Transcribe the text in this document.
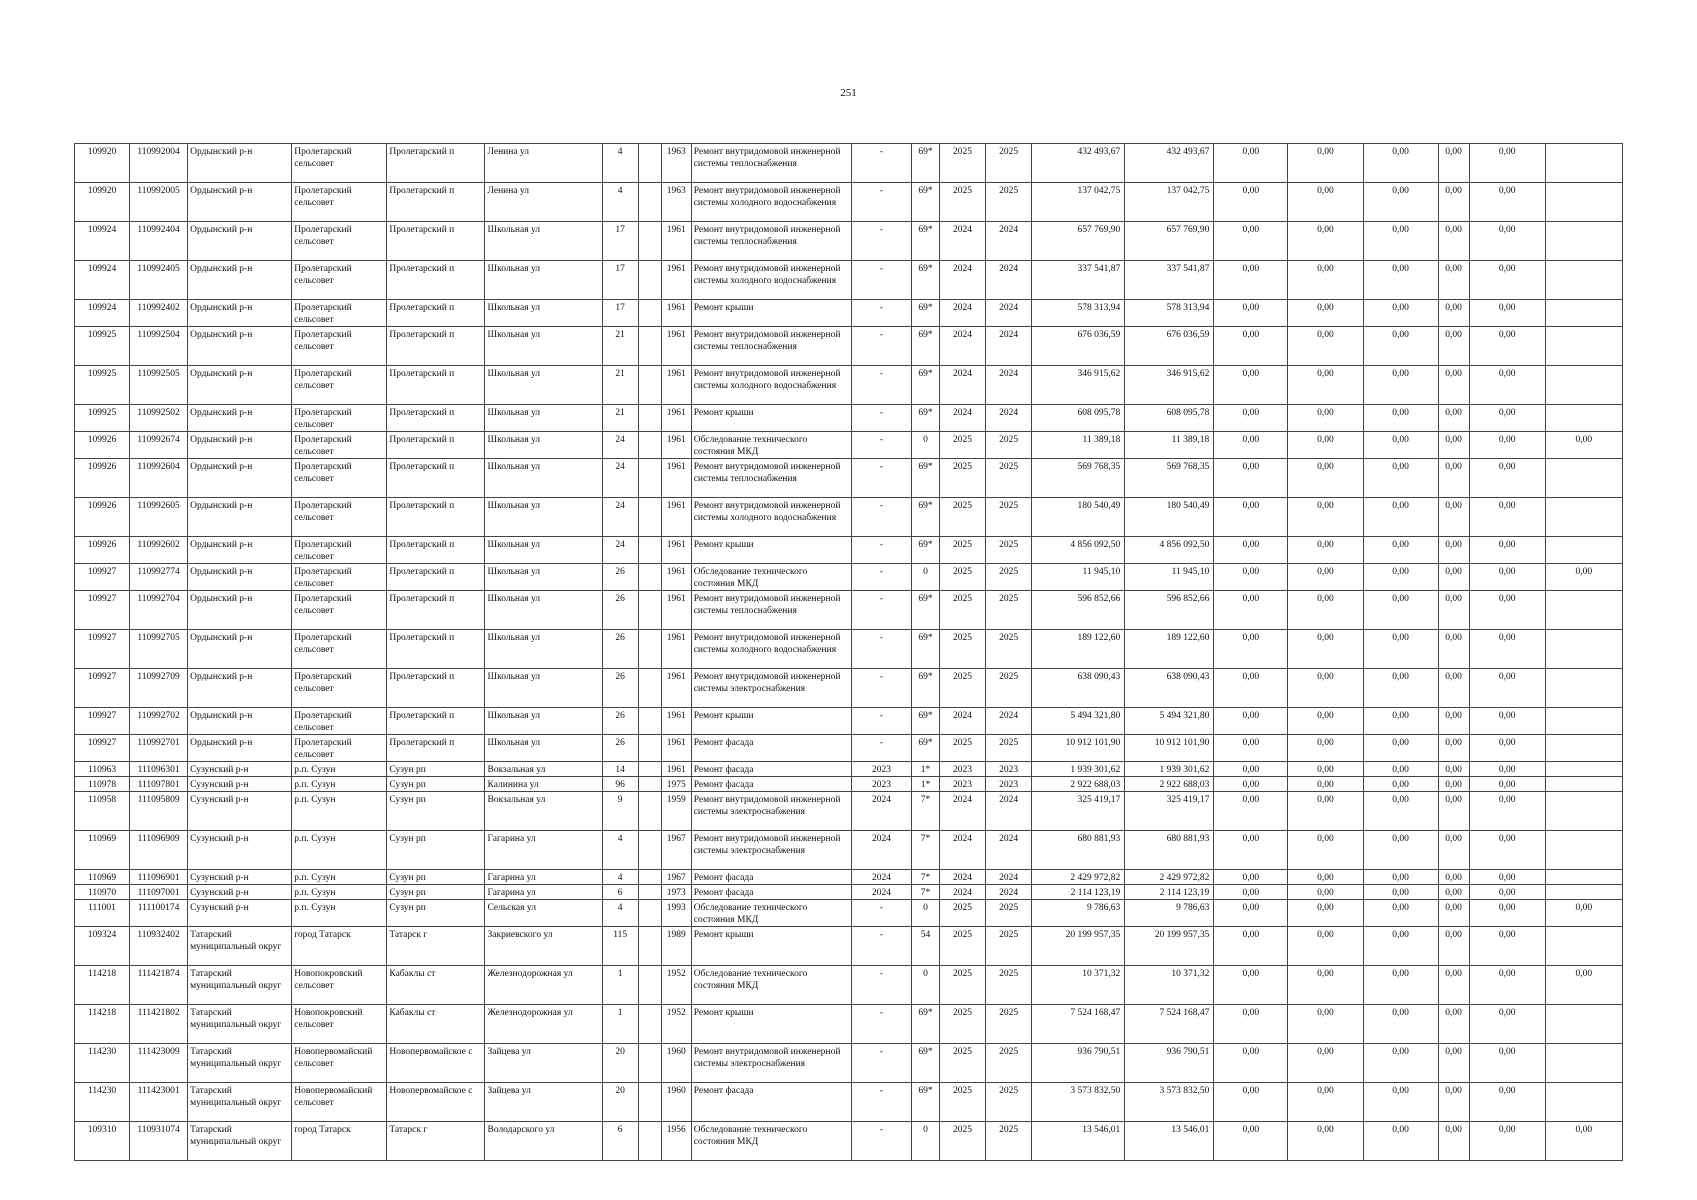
251
109920	110992004	Ордынский р-н	Пролетарский сельсовет	Пролетарский п	Ленина ул	4		1963	Ремонт внутридомовой инженерной системы теплоснабжения	-	69*	2025	2025	432 493,67	432 493,67	0,00	0,00	0,00	0,00	0,00	
109920	110992005	Ордынский р-н	Пролетарский сельсовет	Пролетарский п	Ленина ул	4		1963	Ремонт внутридомовой инженерной системы холодного водоснабжения	-	69*	2025	2025	137 042,75	137 042,75	0,00	0,00	0,00	0,00	0,00	
109924	110992404	Ордынский р-н	Пролетарский сельсовет	Пролетарский п	Школьная ул	17		1961	Ремонт внутридомовой инженерной системы теплоснабжения	-	69*	2024	2024	657 769,90	657 769,90	0,00	0,00	0,00	0,00	0,00	
109924	110992405	Ордынский р-н	Пролетарский сельсовет	Пролетарский п	Школьная ул	17		1961	Ремонт внутридомовой инженерной системы холодного водоснабжения	-	69*	2024	2024	337 541,87	337 541,87	0,00	0,00	0,00	0,00	0,00	
109924	110992402	Ордынский р-н	Пролетарский сельсовет	Пролетарский п	Школьная ул	17		1961	Ремонт крыши	-	69*	2024	2024	578 313,94	578 313,94	0,00	0,00	0,00	0,00	0,00	
109925	110992504	Ордынский р-н	Пролетарский сельсовет	Пролетарский п	Школьная ул	21		1961	Ремонт внутридомовой инженерной системы теплоснабжения	-	69*	2024	2024	676 036,59	676 036,59	0,00	0,00	0,00	0,00	0,00	
109925	110992505	Ордынский р-н	Пролетарский сельсовет	Пролетарский п	Школьная ул	21		1961	Ремонт внутридомовой инженерной системы холодного водоснабжения	-	69*	2024	2024	346 915,62	346 915,62	0,00	0,00	0,00	0,00	0,00	
109925	110992502	Ордынский р-н	Пролетарский сельсовет	Пролетарский п	Школьная ул	21		1961	Ремонт крыши	-	69*	2024	2024	608 095,78	608 095,78	0,00	0,00	0,00	0,00	0,00	
109926	110992674	Ордынский р-н	Пролетарский сельсовет	Пролетарский п	Школьная ул	24		1961	Обследование технического состояния МКД	-	0	2025	2025	11 389,18	11 389,18	0,00	0,00	0,00	0,00	0,00	0,00
109926	110992604	Ордынский р-н	Пролетарский сельсовет	Пролетарский п	Школьная ул	24		1961	Ремонт внутридомовой инженерной системы теплоснабжения	-	69*	2025	2025	569 768,35	569 768,35	0,00	0,00	0,00	0,00	0,00	
109926	110992605	Ордынский р-н	Пролетарский сельсовет	Пролетарский п	Школьная ул	24		1961	Ремонт внутридомовой инженерной системы холодного водоснабжения	-	69*	2025	2025	180 540,49	180 540,49	0,00	0,00	0,00	0,00	0,00	
109926	110992602	Ордынский р-н	Пролетарский сельсовет	Пролетарский п	Школьная ул	24		1961	Ремонт крыши	-	69*	2025	2025	4 856 092,50	4 856 092,50	0,00	0,00	0,00	0,00	0,00	
109927	110992774	Ордынский р-н	Пролетарский сельсовет	Пролетарский п	Школьная ул	26		1961	Обследование технического состояния МКД	-	0	2025	2025	11 945,10	11 945,10	0,00	0,00	0,00	0,00	0,00	0,00
109927	110992704	Ордынский р-н	Пролетарский сельсовет	Пролетарский п	Школьная ул	26		1961	Ремонт внутридомовой инженерной системы теплоснабжения	-	69*	2025	2025	596 852,66	596 852,66	0,00	0,00	0,00	0,00	0,00	
109927	110992705	Ордынский р-н	Пролетарский сельсовет	Пролетарский п	Школьная ул	26		1961	Ремонт внутридомовой инженерной системы холодного водоснабжения	-	69*	2025	2025	189 122,60	189 122,60	0,00	0,00	0,00	0,00	0,00	
109927	110992709	Ордынский р-н	Пролетарский сельсовет	Пролетарский п	Школьная ул	26		1961	Ремонт внутридомовой инженерной системы электроснабжения	-	69*	2025	2025	638 090,43	638 090,43	0,00	0,00	0,00	0,00	0,00	
109927	110992702	Ордынский р-н	Пролетарский сельсовет	Пролетарский п	Школьная ул	26		1961	Ремонт крыши	-	69*	2024	2024	5 494 321,80	5 494 321,80	0,00	0,00	0,00	0,00	0,00	
109927	110992701	Ордынский р-н	Пролетарский сельсовет	Пролетарский п	Школьная ул	26		1961	Ремонт фасада	-	69*	2025	2025	10 912 101,90	10 912 101,90	0,00	0,00	0,00	0,00	0,00	
110963	111096301	Сузунский р-н	р.п. Сузун	Сузун рп	Вокзальная ул	14		1961	Ремонт фасада	2023	1*	2023	2023	1 939 301,62	1 939 301,62	0,00	0,00	0,00	0,00	0,00	
110978	111097801	Сузунский р-н	р.п. Сузун	Сузун рп	Калинина ул	96		1975	Ремонт фасада	2023	1*	2023	2023	2 922 688,03	2 922 688,03	0,00	0,00	0,00	0,00	0,00	
110958	111095809	Сузунский р-н	р.п. Сузун	Сузун рп	Вокзальная ул	9		1959	Ремонт внутридомовой инженерной системы электроснабжения	2024	7*	2024	2024	325 419,17	325 419,17	0,00	0,00	0,00	0,00	0,00	
110969	111096909	Сузунский р-н	р.п. Сузун	Сузун рп	Гагарина ул	4		1967	Ремонт внутридомовой инженерной системы электроснабжения	2024	7*	2024	2024	680 881,93	680 881,93	0,00	0,00	0,00	0,00	0,00	
110969	111096901	Сузунский р-н	р.п. Сузун	Сузун рп	Гагарина ул	4		1967	Ремонт фасада	2024	7*	2024	2024	2 429 972,82	2 429 972,82	0,00	0,00	0,00	0,00	0,00	
110970	111097001	Сузунский р-н	р.п. Сузун	Сузун рп	Гагарина ул	6		1973	Ремонт фасада	2024	7*	2024	2024	2 114 123,19	2 114 123,19	0,00	0,00	0,00	0,00	0,00	
111001	111100174	Сузунский р-н	р.п. Сузун	Сузун рп	Сельская ул	4		1993	Обследование технического состояния МКД	-	0	2025	2025	9 786,63	9 786,63	0,00	0,00	0,00	0,00	0,00	0,00
109324	110932402	Татарский муниципальный округ	город Татарск	Татарск г	Закриевского ул	115		1989	Ремонт крыши	-	54	2025	2025	20 199 957,35	20 199 957,35	0,00	0,00	0,00	0,00	0,00	
114218	111421874	Татарский муниципальный округ	Новопокровский сельсовет	Кабаклы ст	Железнодорожная ул	1		1952	Обследование технического состояния МКД	-	0	2025	2025	10 371,32	10 371,32	0,00	0,00	0,00	0,00	0,00	0,00
114218	111421802	Татарский муниципальный округ	Новопокровский сельсовет	Кабаклы ст	Железнодорожная ул	1		1952	Ремонт крыши	-	69*	2025	2025	7 524 168,47	7 524 168,47	0,00	0,00	0,00	0,00	0,00	
114230	111423009	Татарский муниципальный округ	Новопервомайский сельсовет	Новопервомайское с	Зайцева ул	20		1960	Ремонт внутридомовой инженерной системы электроснабжения	-	69*	2025	2025	936 790,51	936 790,51	0,00	0,00	0,00	0,00	0,00	
114230	111423001	Татарский муниципальный округ	Новопервомайский сельсовет	Новопервомайское с	Зайцева ул	20		1960	Ремонт фасада	-	69*	2025	2025	3 573 832,50	3 573 832,50	0,00	0,00	0,00	0,00	0,00	
109310	110931074	Татарский муниципальный округ	город Татарск	Татарск г	Володарского ул	6		1956	Обследование технического состояния МКД	-	0	2025	2025	13 546,01	13 546,01	0,00	0,00	0,00	0,00	0,00	0,00
